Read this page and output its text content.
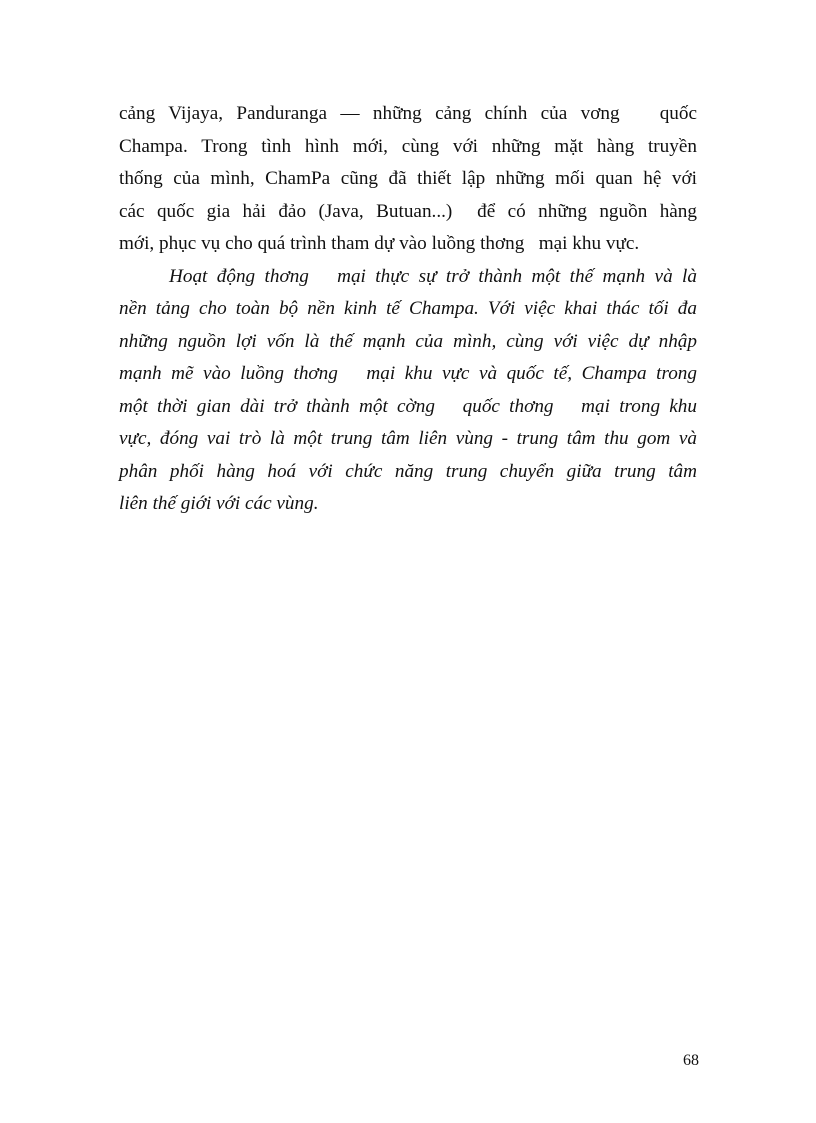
cảng Vijaya, Panduranga — những cảng chính của vơng   quốc
Champa. Trong tình hình mới, cùng với những mặt hàng truyền
thống của mình, ChamPa cũng đã thiết lập những mối quan hệ với
các quốc gia hải đảo (Java, Butuan...)  để có những nguồn hàng
mới, phục vụ cho quá trình tham dự vào luồng thơng   mại khu vực.
Hoạt động thơng   mại thực sự trở thành một thế mạnh và là
nền tảng cho toàn bộ nền kinh tế Champa. Với việc khai thác tối đa
những nguồn lợi vốn là thế mạnh của mình, cùng với việc dự nhập
mạnh mẽ vào luồng thơng   mại khu vực và quốc tế, Champa trong
một thời gian dài trở thành một cờng   quốc thơng   mại trong khu
vực, đóng vai trò là một trung tâm liên vùng - trung tâm thu gom và
phân phối hàng hoá với chức năng trung chuyển giữa trung tâm
liên thế giới với các vùng.
68
